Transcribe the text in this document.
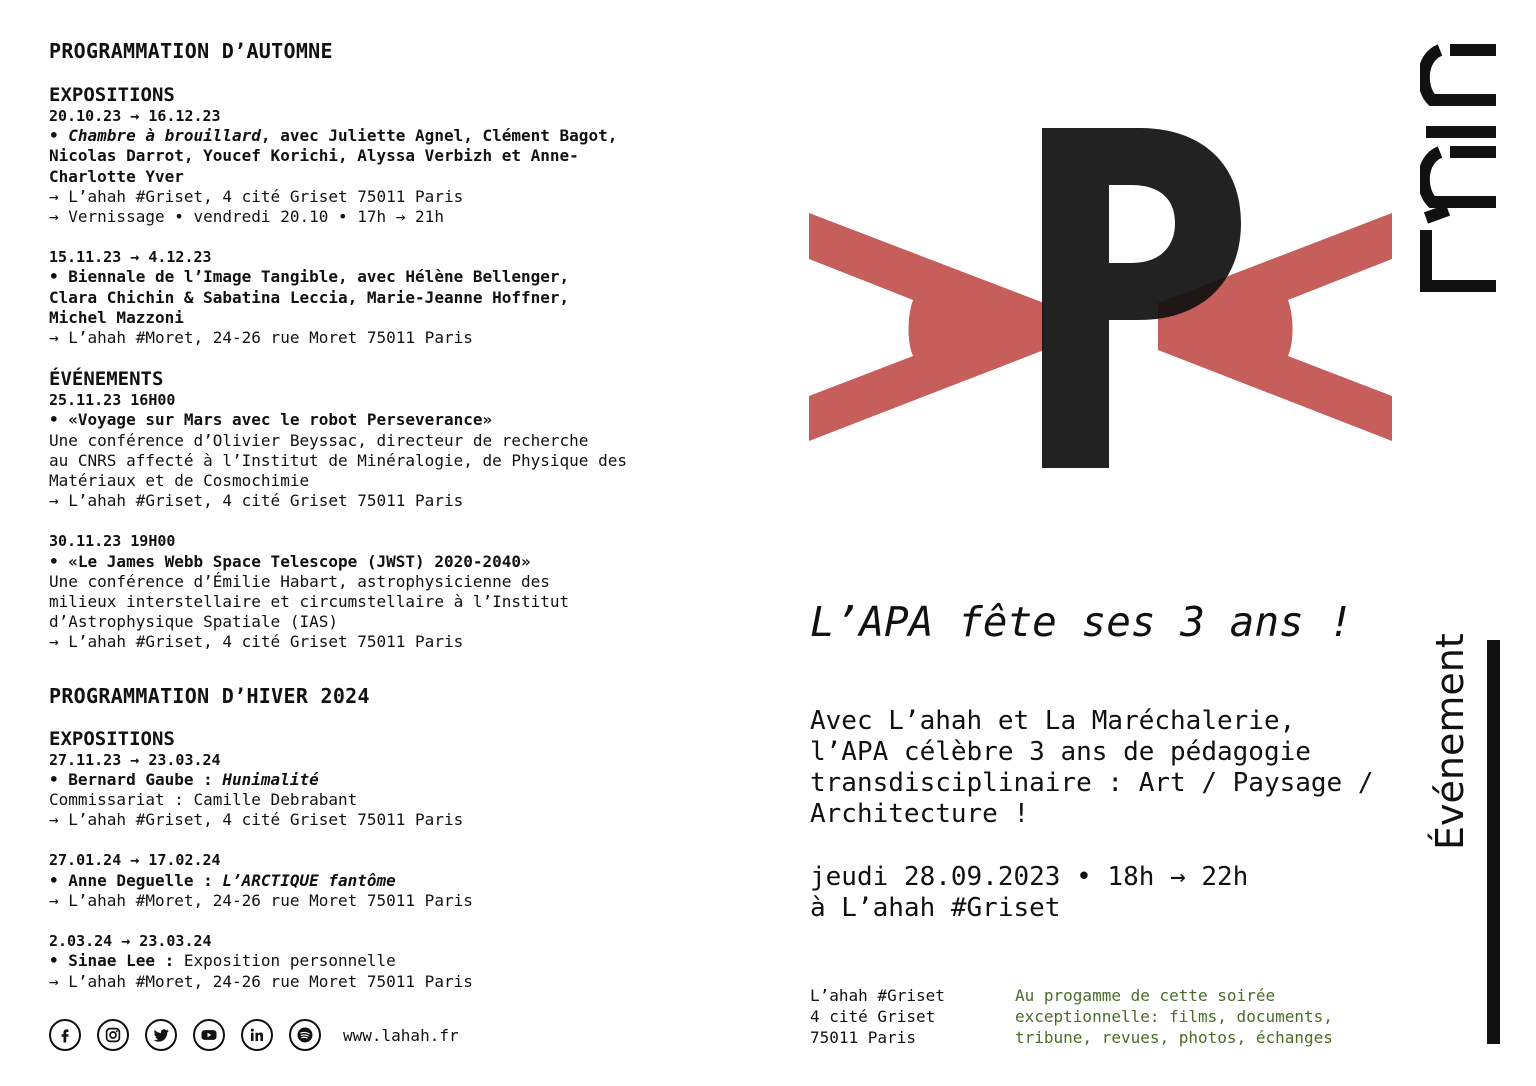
PROGRAMMATION D’AUTOMNE

EXPOSITIONS

20.10.23 → 16.12.23
• Chambre à brouillard, avec Juliette Agnel, Clément Bagot,
Nicolas Darrot, Youcef Korichi, Alyssa Verbizh et Anne-
Charlotte Yver
→ L’ahah #Griset, 4 cité Griset 75011 Paris
→ Vernissage • vendredi 20.10 • 17h → 21h
15.11.23 → 4.12.23
• Biennale de l’Image Tangible, avec Hélène Bellenger,
Clara Chichin & Sabatina Leccia, Marie-Jeanne Hoffner,
Michel Mazzoni
→ L’ahah #Moret, 24-26 rue Moret 75011 Paris

ÉVÉNEMENTS

25.11.23 16H00
• «Voyage sur Mars avec le robot Perseverance»
Une conférence d’Olivier Beyssac, directeur de recherche
au CNRS affecté à l’Institut de Minéralogie, de Physique des
Matériaux et de Cosmochimie
→ L’ahah #Griset, 4 cité Griset 75011 Paris
30.11.23 19H00
• «Le James Webb Space Telescope (JWST) 2020-2040»
Une conférence d’Émilie Habart, astrophysicienne des
milieux interstellaire et circumstellaire à l’Institut
d’Astrophysique Spatiale (IAS)
→ L’ahah #Griset, 4 cité Griset 75011 Paris

PROGRAMMATION D’HIVER 2024

EXPOSITIONS

27.11.23 → 23.03.24
• Bernard Gaube : Hunimalité
Commissariat : Camille Debrabant
→ L’ahah #Griset, 4 cité Griset 75011 Paris
27.01.24 → 17.02.24
• Anne Deguelle : L’ARCTIQUE fantôme
→ L’ahah #Moret, 24-26 rue Moret 75011 Paris
2.03.24 → 23.03.24
• Sinae Lee : Exposition personnelle
→ L’ahah #Moret, 24-26 rue Moret 75011 Paris
www.lahah.fr
L’APA fête ses 3 ans !
Avec L’ahah et La Maréchalerie,
l’APA célèbre 3 ans de pédagogie
transdisciplinaire : Art / Paysage /
Architecture !
jeudi 28.09.2023 • 18h → 22h
à L’ahah #Griset
L’ahah #Griset
4 cité Griset
75011 Paris
Au progamme de cette soirée
exceptionnelle: films, documents,
tribune, revues, photos, échanges
Événement
